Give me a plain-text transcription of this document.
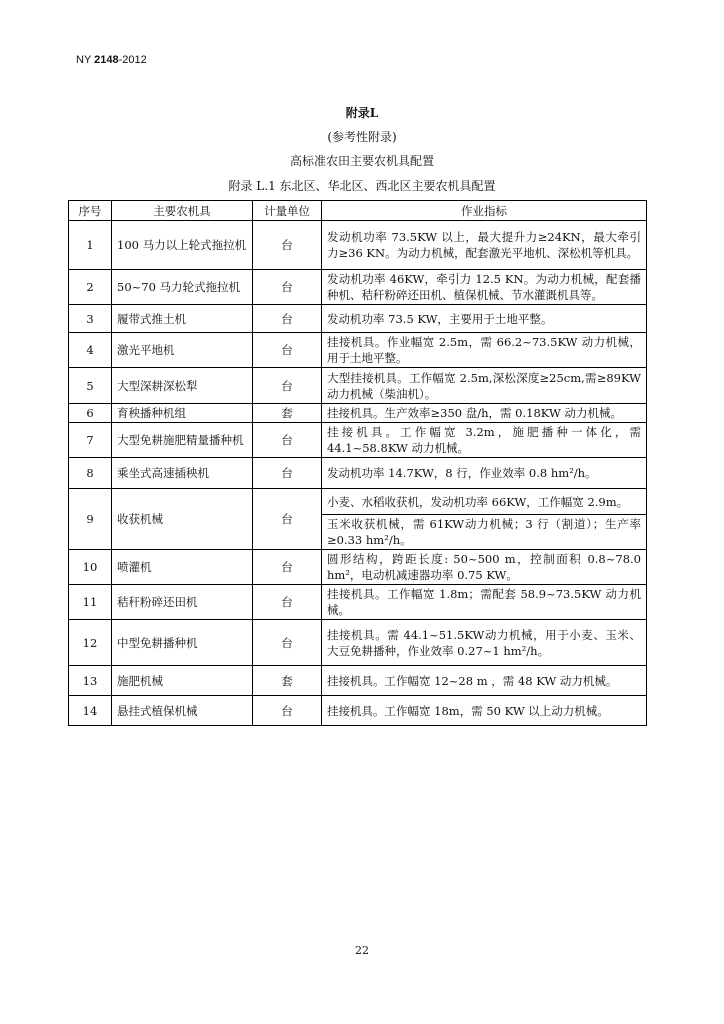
NY 2148-2012
附录L
(参考性附录)
高标准农田主要农机具配置
附录 L.1 东北区、华北区、西北区主要农机具配置
序号	主要农机具	计量单位	作业指标
1	100 马力以上轮式拖拉机	台	发动机功率 73.5KW 以上，最大提升力≥24KN，最大牵引力≥36 KN。为动力机械，配套激光平地机、深松机等机具。
2	50~70 马力轮式拖拉机	台	发动机功率 46KW，牵引力 12.5 KN。为动力机械，配套播种机、秸秆粉碎还田机、植保机械、节水灌溉机具等。
3	履带式推土机	台	发动机功率 73.5 KW，主要用于土地平整。
4	激光平地机	台	挂接机具。作业幅宽 2.5m，需 66.2~73.5KW 动力机械，用于土地平整。
5	大型深耕深松犁	台	大型挂接机具。工作幅宽 2.5m,深松深度≥25cm,需≥89KW 动力机械（柴油机）。
6	育秧播种机组	套	挂接机具。生产效率≥350 盘/h，需 0.18KW 动力机械。
7	大型免耕施肥精量播种机	台	挂接机具。工作幅宽 3.2m，施肥播种一体化，需 44.1~58.8KW 动力机械。
8	乘坐式高速插秧机	台	发动机功率 14.7KW，8 行，作业效率 0.8 hm²/h。
9	收获机械	台	小麦、水稻收获机，发动机功率 66KW，工作幅宽 2.9m。
			玉米收获机械，需 61KW动力机械；3 行（割道）；生产率≥0.33 hm²/h。
10	喷灌机	台	圆形结构，跨距长度: 50~500 m，控制面积 0.8~78.0 hm²，电动机减速器功率 0.75 KW。
11	秸秆粉碎还田机	台	挂接机具。工作幅宽 1.8m；需配套 58.9~73.5KW 动力机械。
12	中型免耕播种机	台	挂接机具。需 44.1~51.5KW动力机械，用于小麦、玉米、大豆免耕播种，作业效率 0.27~1 hm²/h。
13	施肥机械	套	挂接机具。工作幅宽 12~28 m ，需 48 KW 动力机械。
14	悬挂式植保机械	台	挂接机具。工作幅宽 18m，需 50 KW 以上动力机械。
22
